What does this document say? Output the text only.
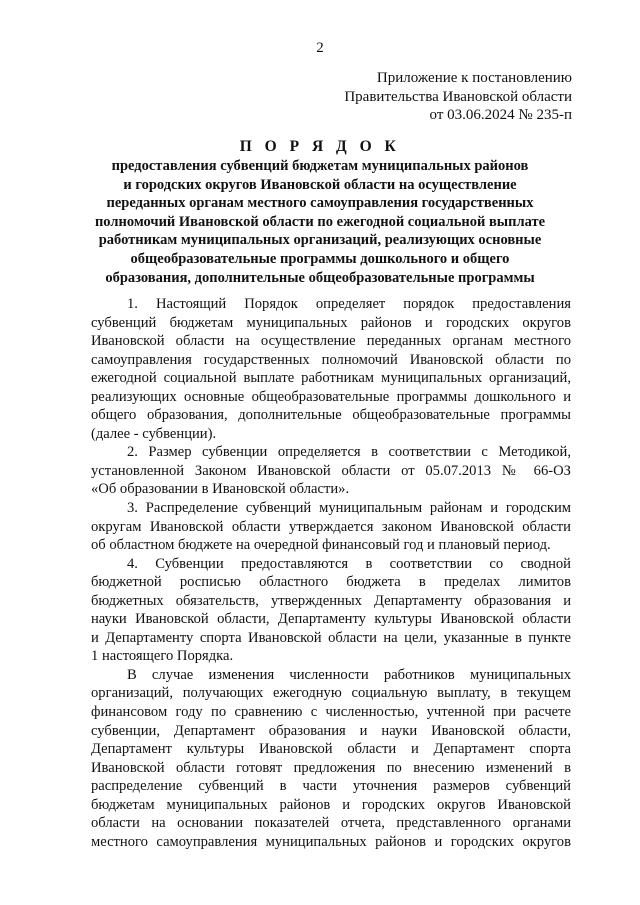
2
Приложение к постановлению
Правительства Ивановской области
от 03.06.2024 № 235-п
П О Р Я Д О К
предоставления субвенций бюджетам муниципальных районов
и городских округов Ивановской области на осуществление
переданных органам местного самоуправления государственных
полномочий Ивановской области по ежегодной социальной выплате
работникам муниципальных организаций, реализующих основные
общеобразовательные программы дошкольного и общего
образования, дополнительные общеобразовательные программы
1. Настоящий Порядок определяет порядок предоставления
субвенций бюджетам муниципальных районов и городских округов
Ивановской области на осуществление переданных органам местного
самоуправления государственных полномочий Ивановской области по
ежегодной социальной выплате работникам муниципальных организаций,
реализующих основные общеобразовательные программы дошкольного и
общего образования, дополнительные общеобразовательные программы
(далее - субвенции).
2. Размер субвенции определяется в соответствии с Методикой,
установленной Законом Ивановской области от 05.07.2013 № 66-ОЗ
«Об образовании в Ивановской области».
3. Распределение субвенций муниципальным районам и городским
округам Ивановской области утверждается законом Ивановской области
об областном бюджете на очередной финансовый год и плановый период.
4. Субвенции предоставляются в соответствии со сводной
бюджетной росписью областного бюджета в пределах лимитов
бюджетных обязательств, утвержденных Департаменту образования и
науки Ивановской области, Департаменту культуры Ивановской области
и Департаменту спорта Ивановской области на цели, указанные в пункте
1 настоящего Порядка.
В случае изменения численности работников муниципальных
организаций, получающих ежегодную социальную выплату, в текущем
финансовом году по сравнению с численностью, учтенной при расчете
субвенции, Департамент образования и науки Ивановской области,
Департамент культуры Ивановской области и Департамент спорта
Ивановской области готовят предложения по внесению изменений в
распределение субвенций в части уточнения размеров субвенций
бюджетам муниципальных районов и городских округов Ивановской
области на основании показателей отчета, представленного органами
местного самоуправления муниципальных районов и городских округов
